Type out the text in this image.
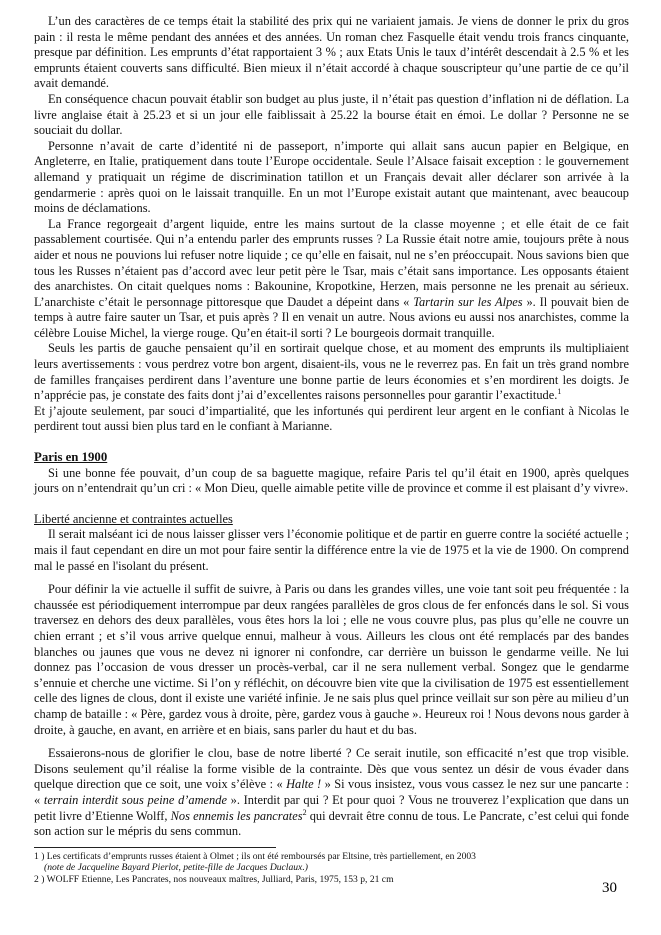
L’un des caractères de ce temps était la stabilité des prix qui ne variaient jamais. Je viens de donner le prix du gros pain : il resta le même pendant des années et des années. Un roman chez Fasquelle était vendu trois francs cinquante, presque par définition. Les emprunts d’état rapportaient 3 % ; aux Etats Unis le taux d’intérêt descendait à 2.5 % et les emprunts étaient couverts sans difficulté. Bien mieux il n’était accordé à chaque souscripteur qu’une partie de ce qu’il avait demandé.

En conséquence chacun pouvait établir son budget au plus juste, il n’était pas question d’inflation ni de déflation. La livre anglaise était à 25.23 et si un jour elle faiblissait à 25.22 la bourse était en émoi. Le dollar ? Personne ne se souciait du dollar.

Personne n’avait de carte d’identité ni de passeport, n’importe qui allait sans aucun papier en Belgique, en Angleterre, en Italie, pratiquement dans toute l’Europe occidentale. Seule l’Alsace faisait exception : le gouvernement allemand y pratiquait un régime de discrimination tatillon et un Français devait aller déclarer son arrivée à la gendarmerie : après quoi on le laissait tranquille. En un mot l’Europe existait autant que maintenant, avec beaucoup moins de déclamations.

La France regorgeait d’argent liquide, entre les mains surtout de la classe moyenne ; et elle était de ce fait passablement courtisée. Qui n’a entendu parler des emprunts russes ? La Russie était notre amie, toujours prête à nous aider et nous ne pouvions lui refuser notre liquide ; ce qu’elle en faisait, nul ne s’en préoccupait. Nous savions bien que tous les Russes n’étaient pas d’accord avec leur petit père le Tsar, mais c’était sans importance. Les opposants étaient des anarchistes. On citait quelques noms : Bakounine, Kropotkine, Herzen, mais personne ne les prenait au sérieux. L’anarchiste c’était le personnage pittoresque que Daudet a dépeint dans « Tartarin sur les Alpes ». Il pouvait bien de temps à autre faire sauter un Tsar, et puis après ? Il en venait un autre. Nous avions eu aussi nos anarchistes, comme la célèbre Louise Michel, la vierge rouge. Qu’en était-il sorti ? Le bourgeois dormait tranquille.

Seuls les partis de gauche pensaient qu’il en sortirait quelque chose, et au moment des emprunts ils multipliaient leurs avertissements : vous perdrez votre bon argent, disaient-ils, vous ne le reverrez pas. En fait un très grand nombre de familles françaises perdirent dans l’aventure une bonne partie de leurs économies et s’en mordirent les doigts. Je n’apprécie pas, je constate des faits dont j’ai d’excellentes raisons personnelles pour garantir l’exactitude.$^1$

Et j’ajoute seulement, par souci d’impartialité, que les infortunés qui perdirent leur argent en le confiant à Nicolas le perdirent tout aussi bien plus tard en le confiant à Marianne.

Paris en 1900

Si une bonne fée pouvait, d’un coup de sa baguette magique, refaire Paris tel qu’il était en 1900, après quelques jours on n’entendrait qu’un cri : « Mon Dieu, quelle aimable petite ville de province et comme il est plaisant d’y vivre».

Liberté ancienne et contraintes actuelles

Il serait malséant ici de nous laisser glisser vers l’économie politique et de partir en guerre contre la société actuelle ; mais il faut cependant en dire un mot pour faire sentir la différence entre la vie de 1975 et la vie de 1900. On comprend mal le passé en l'isolant du présent.

Pour définir la vie actuelle il suffit de suivre, à Paris ou dans les grandes villes, une voie tant soit peu fréquentée : la chaussée est périodiquement interrompue par deux rangées parallèles de gros clous de fer enfoncés dans le sol. Si vous traversez en dehors des deux parallèles, vous êtes hors la loi ; elle ne vous couvre plus, pas plus qu’elle ne couvre un chien errant ; et s’il vous arrive quelque ennui, malheur à vous. Ailleurs les clous ont été remplacés par des bandes blanches ou jaunes que vous ne devez ni ignorer ni confondre, car derrière un buisson le gendarme veille. Ne lui donnez pas l’occasion de vous dresser un procès-verbal, car il ne sera nullement verbal. Songez que le gendarme s’ennuie et cherche une victime. Si l’on y réfléchit, on découvre bien vite que la civilisation de 1975 est essentiellement celle des lignes de clous, dont il existe une variété infinie. Je ne sais plus quel prince veillait sur son père au milieu d’un champ de bataille : « Père, gardez vous à droite, père, gardez vous à gauche ». Heureux roi ! Nous devons nous garder à droite, à gauche, en avant, en arrière et en biais, sans parler du haut et du bas.

Essaierons-nous de glorifier le clou, base de notre liberté ? Ce serait inutile, son efficacité n’est que trop visible. Disons seulement qu’il réalise la forme visible de la contrainte. Dès que vous sentez un désir de vous évader dans quelque direction que ce soit, une voix s’élève : « Halte ! » Si vous insistez, vous vous cassez le nez sur une pancarte : « terrain interdit sous peine d’amende ». Interdit par qui ? Et pour quoi ? Vous ne trouverez l’explication que dans un petit livre d’Etienne Wolff, Nos ennemis les pancrates$^2$ qui devrait être connu de tous. Le Pancrate, c’est celui qui fonde son action sur le mépris du sens commun.

1 ) Les certificats d’emprunts russes étaient à Olmet ; ils ont été remboursés par Eltsine, très partiellement, en 2003
(note de Jacqueline Bayard Pierlot, petite-fille de Jacques Duclaux.)

2 ) WOLFF Etienne, Les Pancrates, nos nouveaux maîtres, Julliard, Paris, 1975, 153 p, 21 cm

30
